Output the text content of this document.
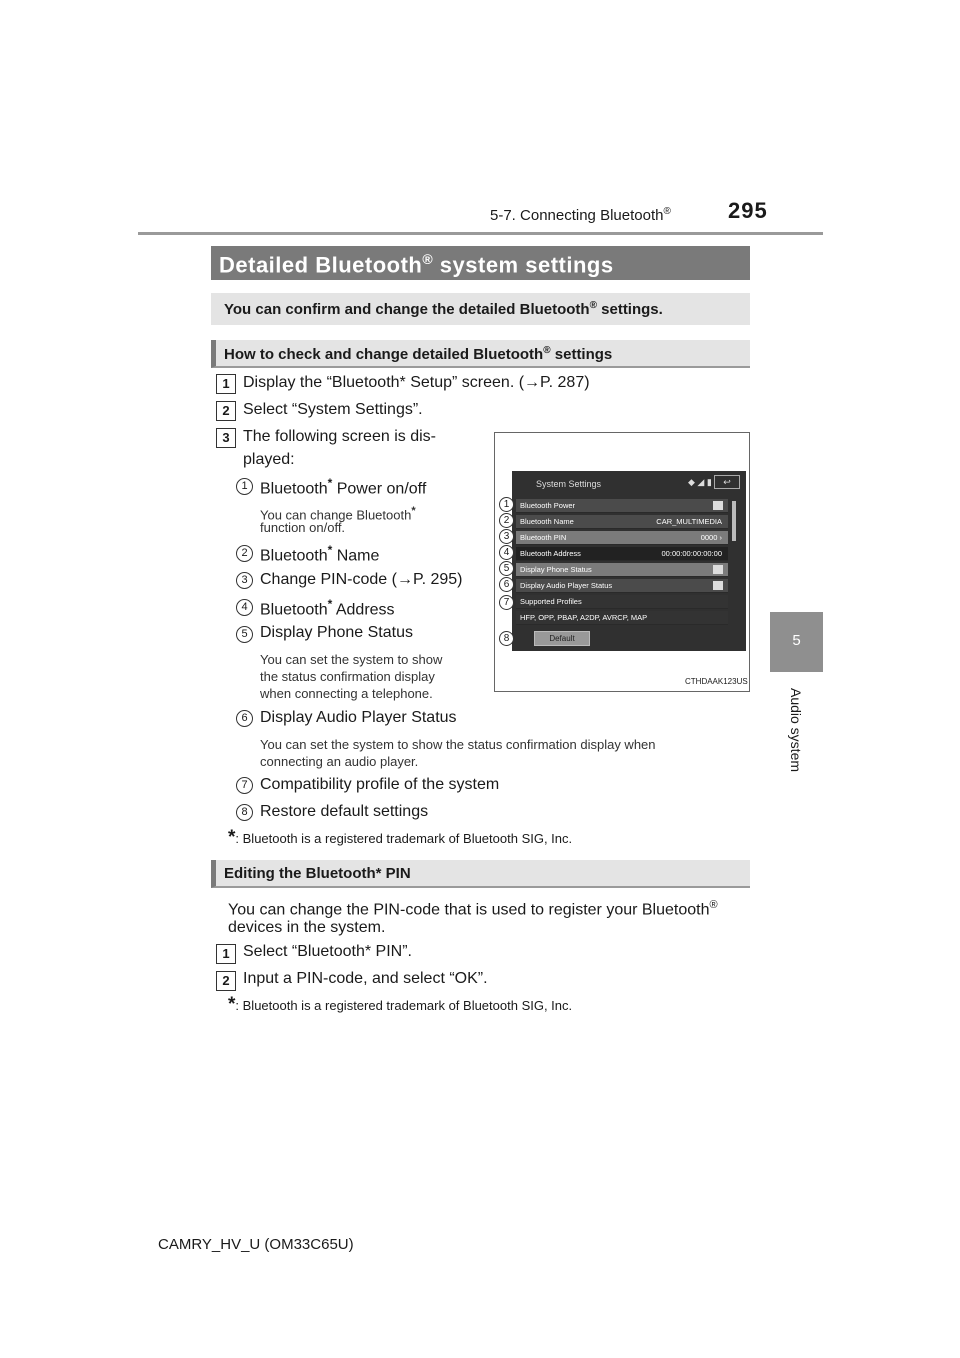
5-7. Connecting Bluetooth®	295
5
Audio system
Detailed Bluetooth® system settings
You can confirm and change the detailed Bluetooth® settings.
How to check and change detailed Bluetooth® settings
1 Display the “Bluetooth* Setup” screen. (→P. 287)
2 Select “System Settings”.
3 The following screen is dis-
played:
1 Bluetooth* Power on/off
You can change Bluetooth*
function on/off.
2 Bluetooth* Name
3 Change PIN-code (→P. 295)
4 Bluetooth* Address
5 Display Phone Status
You can set the system to show
the status confirmation display
when connecting a telephone.
6 Display Audio Player Status
You can set the system to show the status confirmation display when
connecting an audio player.
7 Compatibility profile of the system
8 Restore default settings
*: Bluetooth is a registered trademark of Bluetooth SIG, Inc.
System Settings	◆ ◢ ▮	↩
Bluetooth Power
Bluetooth Name	CAR_MULTIMEDIA
Bluetooth PIN	0000 ›
Bluetooth Address	00:00:00:00:00:00
Display Phone Status
Display Audio Player Status
Supported Profiles
HFP, OPP, PBAP, A2DP, AVRCP, MAP
Default
1
2
3
4
5
6
7
8
CTHDAAK123US
Editing the Bluetooth* PIN
You can change the PIN-code that is used to register your Bluetooth®
devices in the system.
1 Select “Bluetooth* PIN”.
2 Input a PIN-code, and select “OK”.
*: Bluetooth is a registered trademark of Bluetooth SIG, Inc.
CAMRY_HV_U (OM33C65U)
